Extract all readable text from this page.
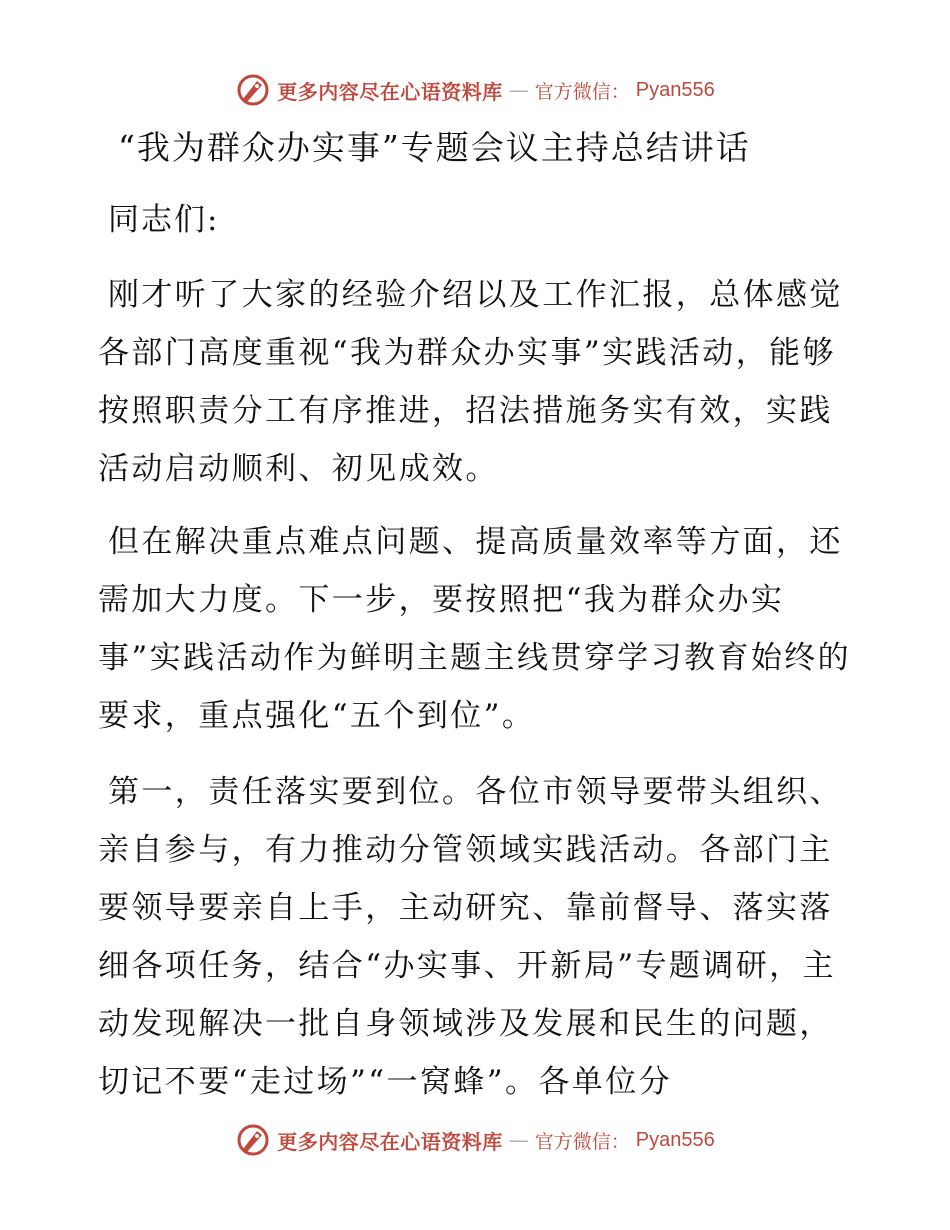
更多内容尽在心语资料库 — 官方微信： Pyan556
“我为群众办实事”专题会议主持总结讲话
同志们:

刚才听了大家的经验介绍以及工作汇报，总体感觉各部门高度重视“我为群众办实事”实践活动，能够按照职责分工有序推进，招法措施务实有效，实践活动启动顺利、初见成效。

但在解决重点难点问题、提高质量效率等方面，还需加大力度。下一步，要按照把“我为群众办实事”实践活动作为鲜明主题主线贯穿学习教育始终的要求，重点强化“五个到位”。

第一，责任落实要到位。各位市领导要带头组织、亲自参与，有力推动分管领域实践活动。各部门主要领导要亲自上手，主动研究、靠前督导、落实落细各项任务，结合“办实事、开新局”专题调研，主动发现解决一批自身领域涉及发展和民生的问题，切记不要“走过场”“一窝蜂”。各单位分

更多内容尽在心语资料库 — 官方微信： Pyan556
